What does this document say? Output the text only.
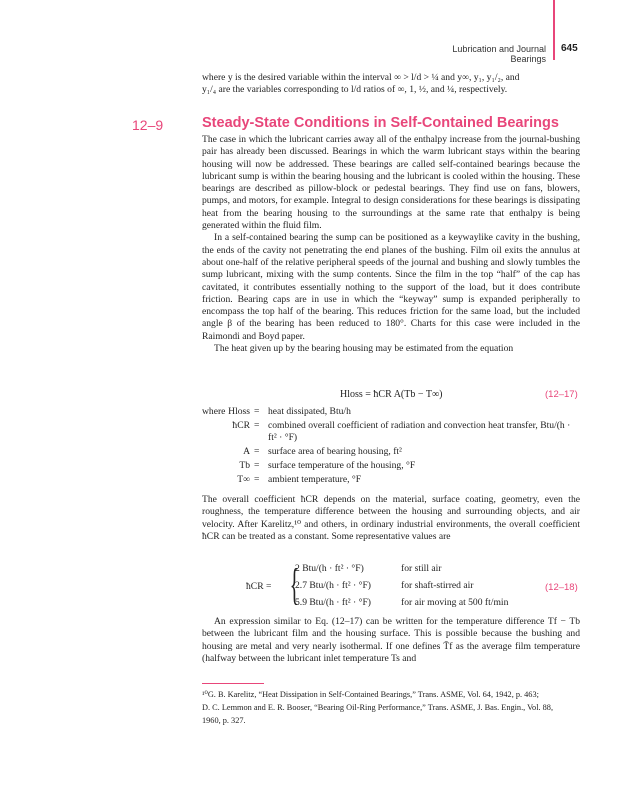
Lubrication and Journal Bearings
645

where y is the desired variable within the interval ∞ > l/d > ¼ and y∞, y₁, y₁/₂, and

y₁/₄ are the variables corresponding to l/d ratios of ∞, 1, ½, and ¼, respectively.

12–9	Steady-State Conditions in Self-Contained Bearings

The case in which the lubricant carries away all of the enthalpy increase from the journal-bushing pair has already been discussed. Bearings in which the warm lubricant stays within the bearing housing will now be addressed. These bearings are called self-contained bearings because the lubricant sump is within the bearing housing and the lubricant is cooled within the housing. These bearings are described as pillow-block or pedestal bearings. They find use on fans, blowers, pumps, and motors, for example. Integral to design considerations for these bearings is dissipating heat from the bearing housing to the surroundings at the same rate that enthalpy is being generated within the fluid film.

In a self-contained bearing the sump can be positioned as a keywaylike cavity in the bushing, the ends of the cavity not penetrating the end planes of the bushing. Film oil exits the annulus at about one-half of the relative peripheral speeds of the journal and bushing and slowly tumbles the sump lubricant, mixing with the sump contents. Since the film in the top “half” of the cap has cavitated, it contributes essentially nothing to the support of the load, but it does contribute friction. Bearing caps are in use in which the “keyway” sump is expanded peripherally to encompass the top half of the bearing. This reduces friction for the same load, but the included angle β of the bearing has been reduced to 180°. Charts for this case were included in the Raimondi and Boyd paper.

The heat given up by the bearing housing may be estimated from the equation

Hloss = ħCR A(Tb − T∞)	(12–17)
where Hloss = heat dissipated, Btu/h
ħCR = combined overall coefficient of radiation and convection heat transfer, Btu/(h · ft² · °F)
A = surface area of bearing housing, ft²
Tb = surface temperature of the housing, °F
T∞ = ambient temperature, °F

The overall coefficient ħCR depends on the material, surface coating, geometry, even the roughness, the temperature difference between the housing and surrounding objects, and air velocity. After Karelitz,¹⁰ and others, in ordinary industrial environments, the overall coefficient ħCR can be treated as a constant. Some representative values are

ħCR = {
2 Btu/(h · ft² · °F)	for still air
2.7 Btu/(h · ft² · °F)	for shaft-stirred air
5.9 Btu/(h · ft² · °F)	for air moving at 500 ft/min
(12–18)

An expression similar to Eq. (12–17) can be written for the temperature difference Tf − Tb between the lubricant film and the housing surface. This is possible because the bushing and housing are metal and very nearly isothermal. If one defines T̄f as the average film temperature (halfway between the lubricant inlet temperature Ts and

¹⁰G. B. Karelitz, “Heat Dissipation in Self-Contained Bearings,” Trans. ASME, Vol. 64, 1942, p. 463;

D. C. Lemmon and E. R. Booser, “Bearing Oil-Ring Performance,” Trans. ASME, J. Bas. Engin., Vol. 88,

1960, p. 327.
